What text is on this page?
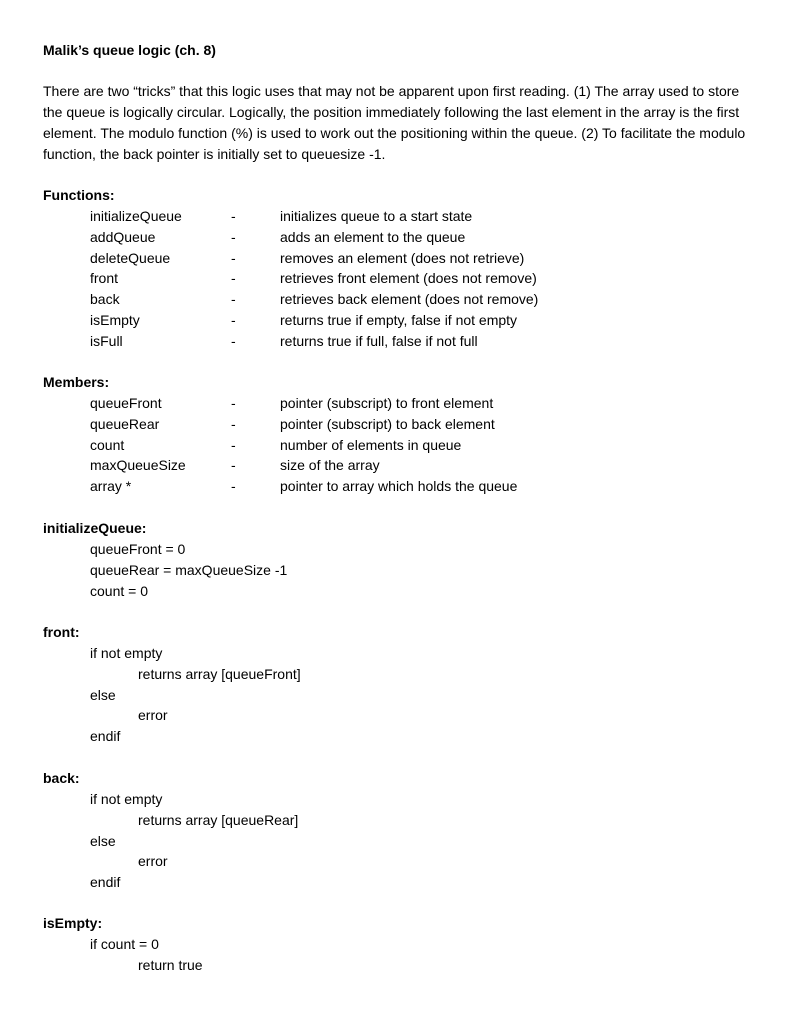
Malik’s queue logic (ch. 8)

There are two “tricks” that this logic uses that may not be apparent upon first reading. (1) The array used to store the queue is logically circular. Logically, the position immediately following the last element in the array is the first element. The modulo function (%) is used to work out the positioning within the queue. (2) To facilitate the modulo function, the back pointer is initially set to queuesize -1.

Functions:

initializeQueue	-	initializes queue to a start state
addQueue	-	adds an element to the queue
deleteQueue	-	removes an element (does not retrieve)
front	-	retrieves front element (does not remove)
back	-	retrieves back element (does not remove)
isEmpty	-	returns true if empty, false if not empty
isFull	-	returns true if full, false if not full

Members:

queueFront	-	pointer (subscript) to front element
queueRear	-	pointer (subscript) to back element
count	-	number of elements in queue
maxQueueSize	-	size of the array
array *	-	pointer to array which holds the queue

initializeQueue:

queueFront = 0
queueRear = maxQueueSize -1
count = 0

front:

if not empty
returns array [queueFront]
else
error
endif

back:

if not empty
returns array [queueRear]
else
error
endif

isEmpty:

if count = 0
return true
